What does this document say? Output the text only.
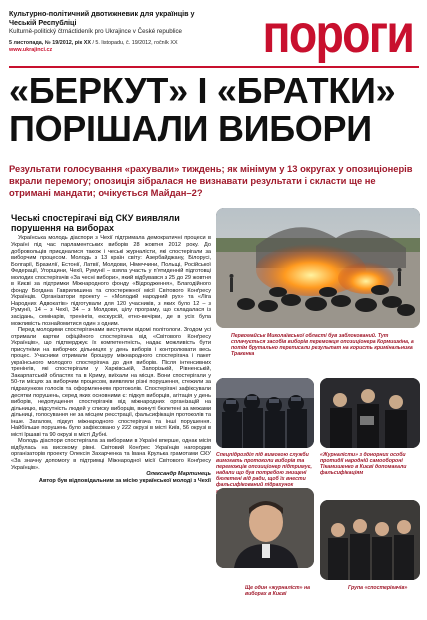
Культурно-політичний двотижневик для українців у Чеській Республіці
Kulturně-politický čtrnáctideník pro Ukrajince v České republice
5 листопада, № 19/2012, рік XX / 5. listopadu, č. 19/2012, ročník XX
www.ukrajinci.cz	пороги
«БЕРКУТ» І «БРАТКИ»
ПОРІШАЛИ ВИБОРИ
Результати голосування «рахували» тиждень; як мінімум у 13 округах у опозиціонерів вкрали перемогу; опозиція зібралася не визнавати результати і скласти ще не отримані мандати; очікується Майдан–2?
Чеські спостерігачі від СКУ виявляли порушення на виборах

Українська молодь діаспори з Чехії підтримала демократичні процеси в Україні під час парламентських виборів 28 жовтня 2012 року. До добровольців приєдналися також і чеські журналісти, які спостерігали за виборчим процесом. Молодь з 13 країн світу: Азербайджану, Білорусі, Болгарії, Бразилії, Естонії, Латвії, Молдови, Німеччини, Польщі, Російської Федерації, Угорщини, Чехії, Румунії – взяла участь у п'ятиденній підготовці молодих спостерігачів «За чесні вибори», який відбувався з 25 до 29 жовтня в Києві за підтримки Міжнародного фонду «Відродження», Благодійного фонду Богдана Гаврилишина та спостережної місії Світового Конґресу Українців. Організатори проекту – «Молодий народний рух» та «Ліга Народних Адвокатів» підготували для 120 учасників, з яких було 12 – з Румунії, 14 – з Чехії, 34 – з Молдови, цілу програму, що складалася із засідань, семінарів, тренінгів, екскурсій, етно-вечірки, де в усіх була можливість познайомитися один з одним.

Перед молодими спостерігачами виступили відомі політологи. Згодом усі отримали картки офіційного спостерігача від «Світового Конґресу Українців», що підтверджує їх компетентність, надає можливість бути присутніми на виборчих дільницях у день виборів і контролювати весь процес. Учасники отримали брошуру міжнародного спостерігача і пакет українського молодого спостерігача до дня виборів. Після інтенсивних тренінгів, які спостерігали у Харківській, Запорізькій, Рівненській, Закарпатській областях та в Криму, виїхали на місця. Вони спостерігали у 50-ти місцях за виборчим процесом, виявляли різні порушення, стежили за підрахунком голосів та оформленням протоколів. Спостерігачі зафіксували десятки порушень, серед яких основними є: підкуп виборців, агітація у день виборів, недопущення спостерігачів від міжнародних організацій на дільницю, відсутність людей у списку виборців, вкинуті бюлетені за межами дільниці, голосування не за місцем реєстрації, фальсифікація протоколів та інше. Загалом, підкуп міжнародного спостерігача та інші порушення. Найбільше порушень було зафіксовано у 222 окрузі в місті Київ, 56 окрузі в місті Іршаві та 90 окрузі в місті Дубні.

Молодь діаспори спостерігала за виборами в Україні вперше, однак місія відбулась на високому рівні. Світовий Конґрес Українців нагородив організаторів проекту Олексія Захарченка та Івана Крулька грамотами СКУ «За значну допомогу в підтримці Міжнародної місії Світового Конґресу Українців».

Олександр Мартинець
Автор був відповідальним за місію української молоді з Чехії
Первомайськ Миколаївської області був заблокований. Тут сплачується засобів виборів переможця опозиціонера Кормишкіна, а потім брутально переписали результат на користь кримінальника Тракенка
Спецпідрозділ під вимогою служби вимогать протоколи виборів та переможців опозиціонер підтримує, надали що був потребою знищені бюлетені від ради, щоб їх внести фальсифікований підрахунок
«Журналісти» з донорних особи протидії народній самообороні Тікамишенко в Києві допомагали фальсифікаціям
Ще один «журналіст» на виборах в Києві
Група «спостерігачів»
